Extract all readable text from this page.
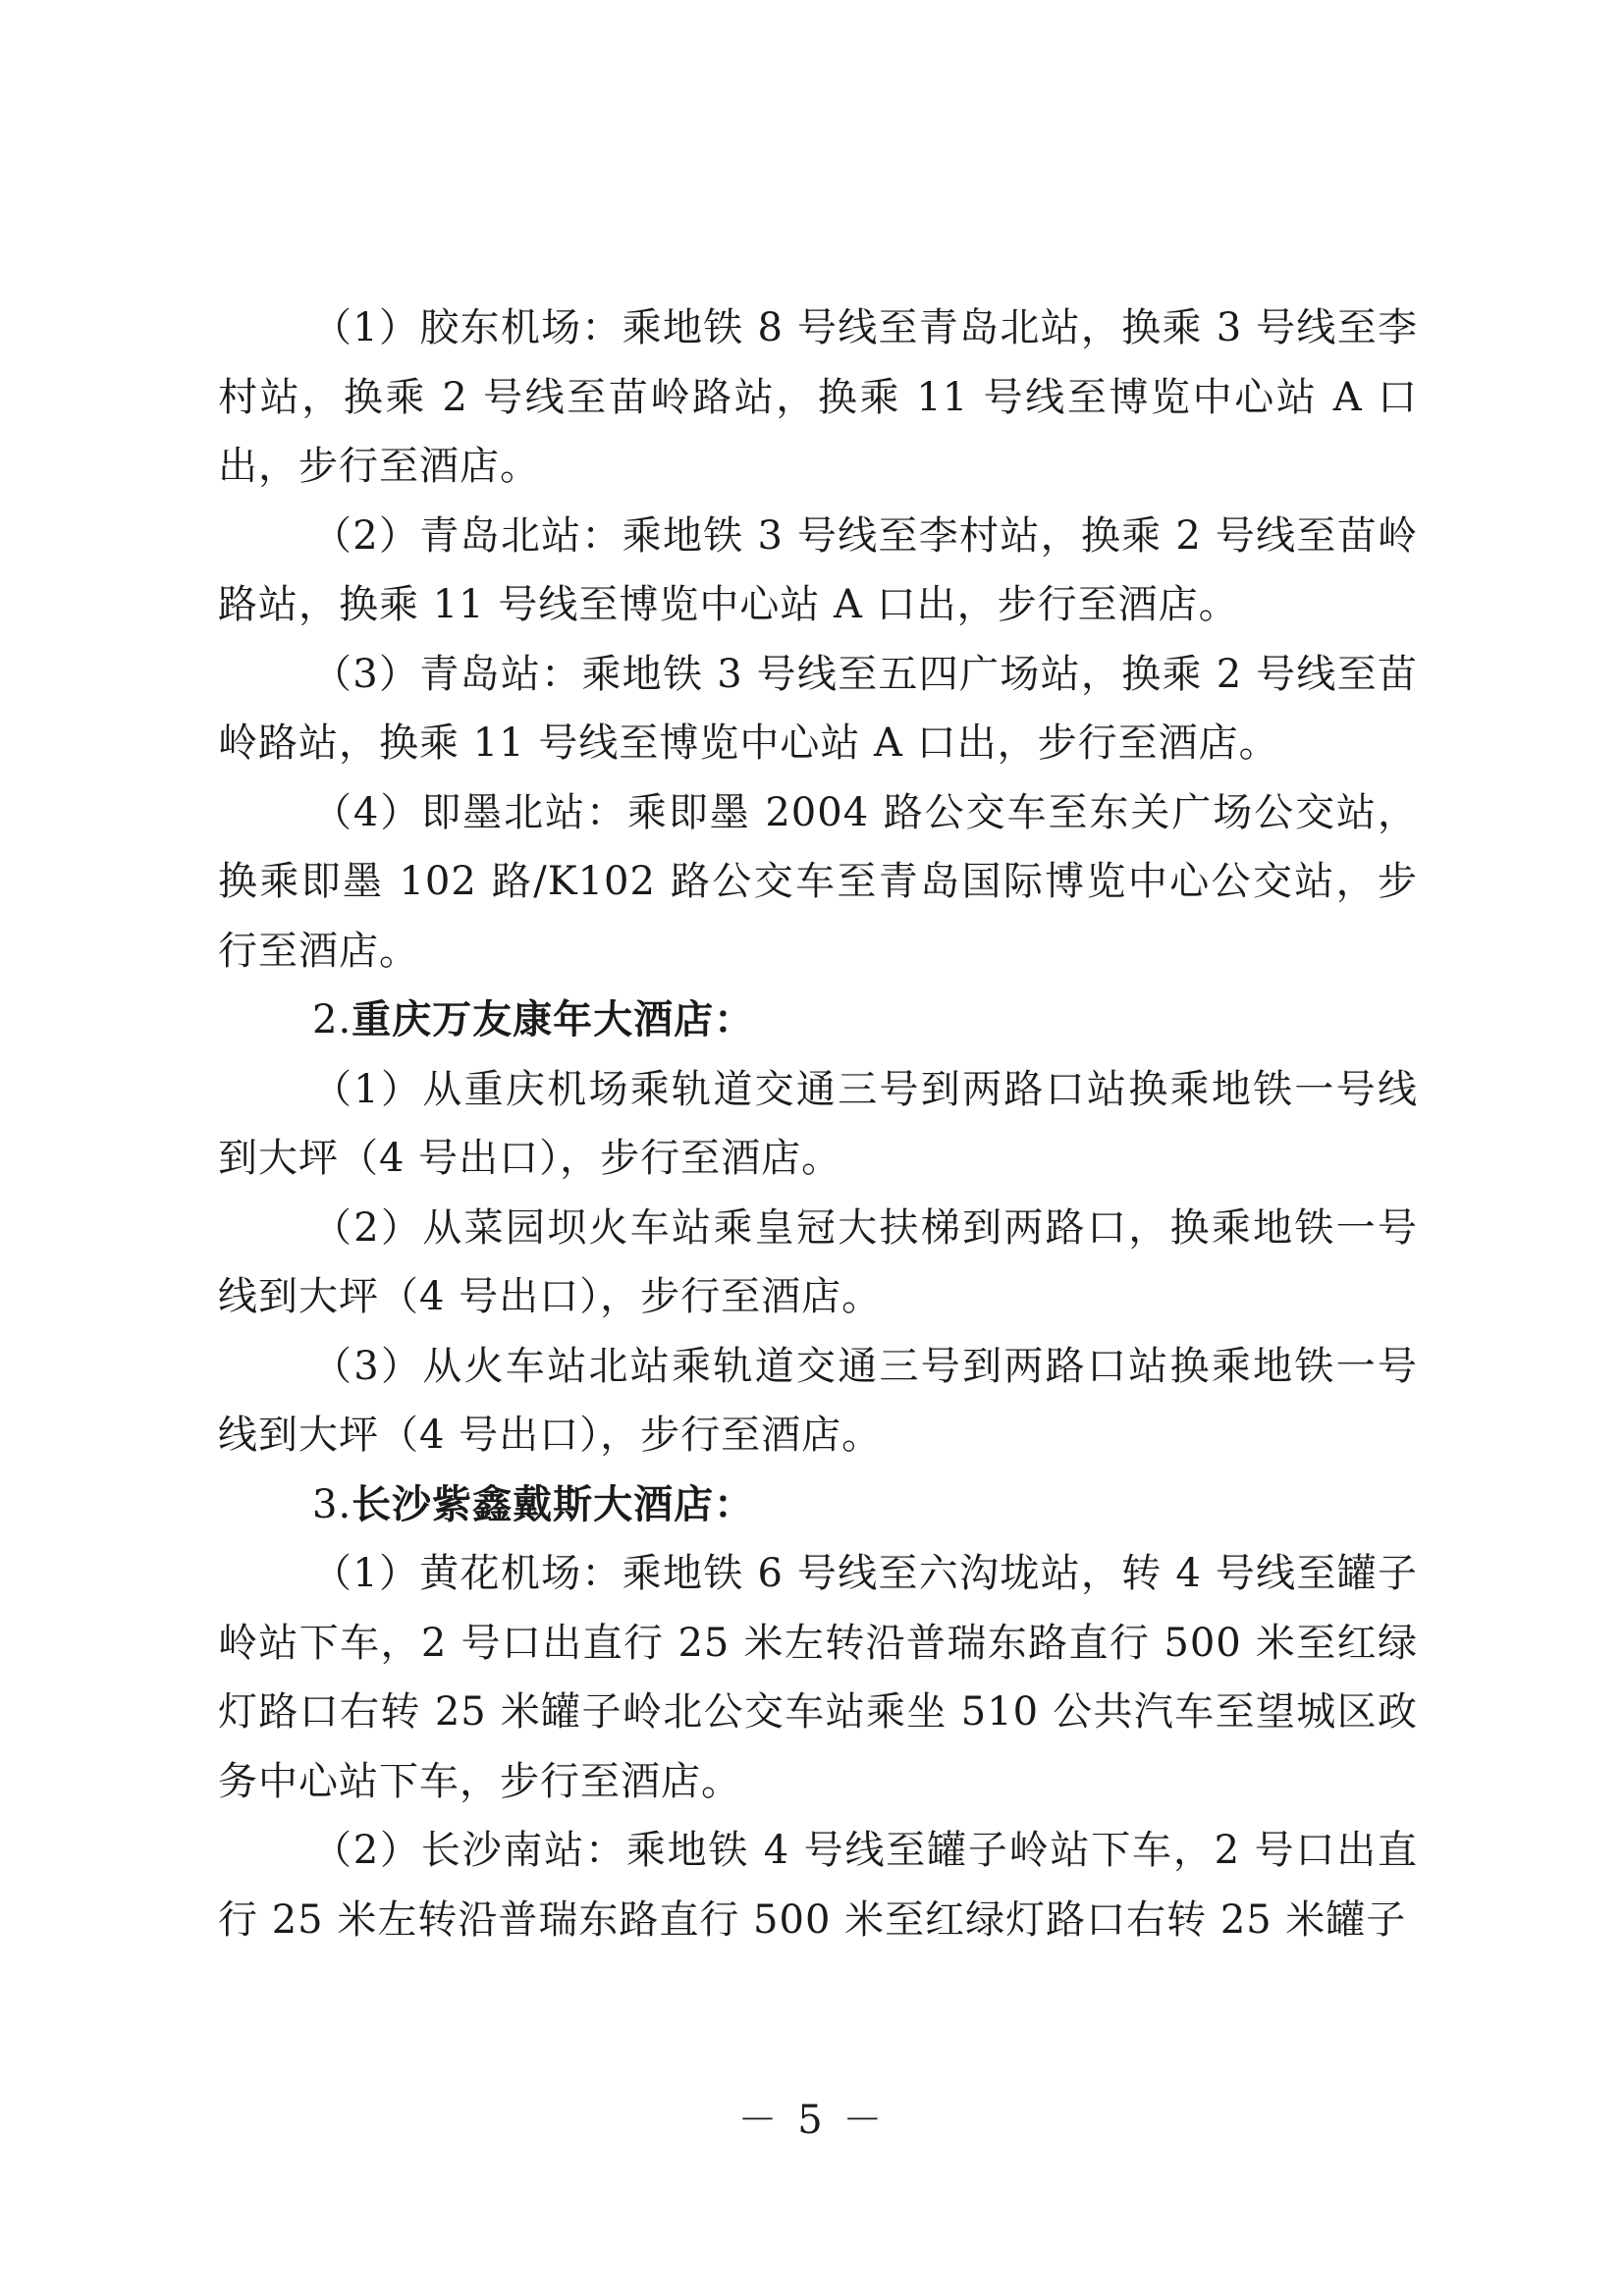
（1）胶东机场：乘地铁 8 号线至青岛北站，换乘 3 号线至李村站，换乘 2 号线至苗岭路站，换乘 11 号线至博览中心站 A 口出，步行至酒店。

（2）青岛北站：乘地铁 3 号线至李村站，换乘 2 号线至苗岭路站，换乘 11 号线至博览中心站 A 口出，步行至酒店。

（3）青岛站：乘地铁 3 号线至五四广场站，换乘 2 号线至苗岭路站，换乘 11 号线至博览中心站 A 口出，步行至酒店。

（4）即墨北站：乘即墨 2004 路公交车至东关广场公交站，换乘即墨 102 路/K102 路公交车至青岛国际博览中心公交站，步行至酒店。

2.重庆万友康年大酒店：

（1）从重庆机场乘轨道交通三号到两路口站换乘地铁一号线到大坪（4 号出口），步行至酒店。

（2）从菜园坝火车站乘皇冠大扶梯到两路口，换乘地铁一号线到大坪（4 号出口），步行至酒店。

（3）从火车站北站乘轨道交通三号到两路口站换乘地铁一号线到大坪（4 号出口），步行至酒店。

3.长沙紫鑫戴斯大酒店：

（1）黄花机场：乘地铁 6 号线至六沟垅站，转 4 号线至罐子岭站下车，2 号口出直行 25 米左转沿普瑞东路直行 500 米至红绿灯路口右转 25 米罐子岭北公交车站乘坐 510 公共汽车至望城区政务中心站下车，步行至酒店。

（2）长沙南站：乘地铁 4 号线至罐子岭站下车，2 号口出直行 25 米左转沿普瑞东路直行 500 米至红绿灯路口右转 25 米罐子

－ 5 －
